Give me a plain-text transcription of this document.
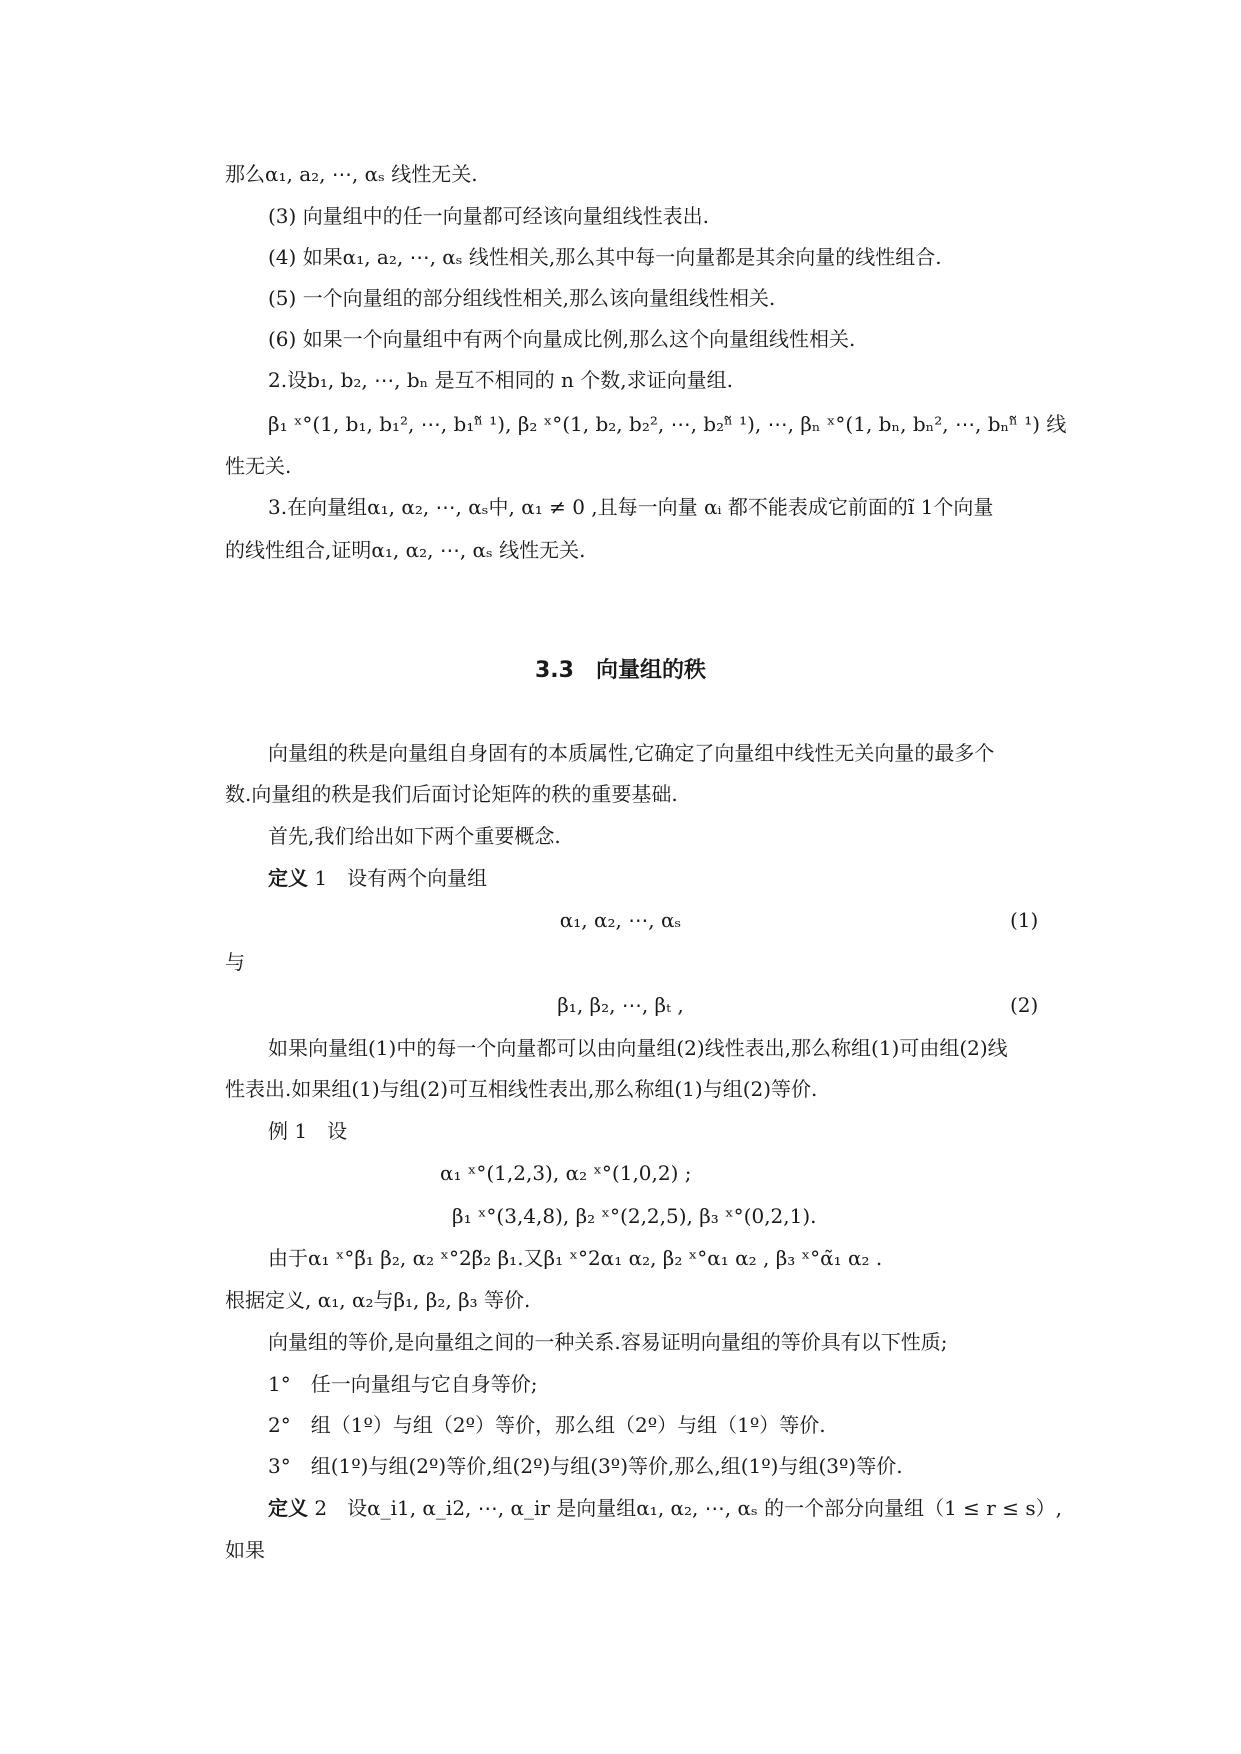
那么α₁, a₂, ⋯, αₛ 线性无关.
(3) 向量组中的任一向量都可经该向量组线性表出.
(4) 如果α₁, a₂, ⋯, αₛ 线性相关,那么其中每一向量都是其余向量的线性组合.
(5) 一个向量组的部分组线性相关,那么该向量组线性相关.
(6) 如果一个向量组中有两个向量成比例,那么这个向量组线性相关.
2.设b₁, b₂, ⋯, bₙ 是互不相同的 n 个数,求证向量组.
β₁ ˣ°(1, b₁, b₁², ⋯, b₁ⁿ̃ ¹), β₂ ˣ°(1, b₂, b₂², ⋯, b₂ⁿ̃ ¹), ⋯, βₙ ˣ°(1, bₙ, bₙ², ⋯, bₙⁿ̃ ¹) 线
性无关.
3.在向量组α₁, α₂, ⋯, αₛ中, α₁ ≠ 0 ,且每一向量 αᵢ 都不能表成它前面的ĩ 1个向量
的线性组合,证明α₁, α₂, ⋯, αₛ 线性无关.
3.3　向量组的秩
向量组的秩是向量组自身固有的本质属性,它确定了向量组中线性无关向量的最多个
数.向量组的秩是我们后面讨论矩阵的秩的重要基础.
首先,我们给出如下两个重要概念.
定义 1　设有两个向量组
α₁, α₂, ⋯, αₛ	(1)
与
β₁, β₂, ⋯, βₜ ,	(2)
如果向量组(1)中的每一个向量都可以由向量组(2)线性表出,那么称组(1)可由组(2)线
性表出.如果组(1)与组(2)可互相线性表出,那么称组(1)与组(2)等价.
例 1　设
α₁ ˣ°(1,2,3), α₂ ˣ°(1,0,2) ;
β₁ ˣ°(3,4,8), β₂ ˣ°(2,2,5), β₃ ˣ°(0,2,1).
由于α₁ ˣ°β̃₁ β₂, α₂ ˣ°2β̃₂ β₁.又β₁ ˣ°2α₁ α₂, β₂ ˣ°α₁ α₂ , β₃ ˣ°α̃₁ α₂ .
根据定义, α₁, α₂与β₁, β₂, β₃ 等价.
向量组的等价,是向量组之间的一种关系.容易证明向量组的等价具有以下性质;
1°　任一向量组与它自身等价;
2°　组（1º）与组（2º）等价，那么组（2º）与组（1º）等价.
3°　组(1º)与组(2º)等价,组(2º)与组(3º)等价,那么,组(1º)与组(3º)等价.
定义 2　设α_i1, α_i2, ⋯, α_ir 是向量组α₁, α₂, ⋯, αₛ 的一个部分向量组（1 ≤ r ≤ s）,
如果
